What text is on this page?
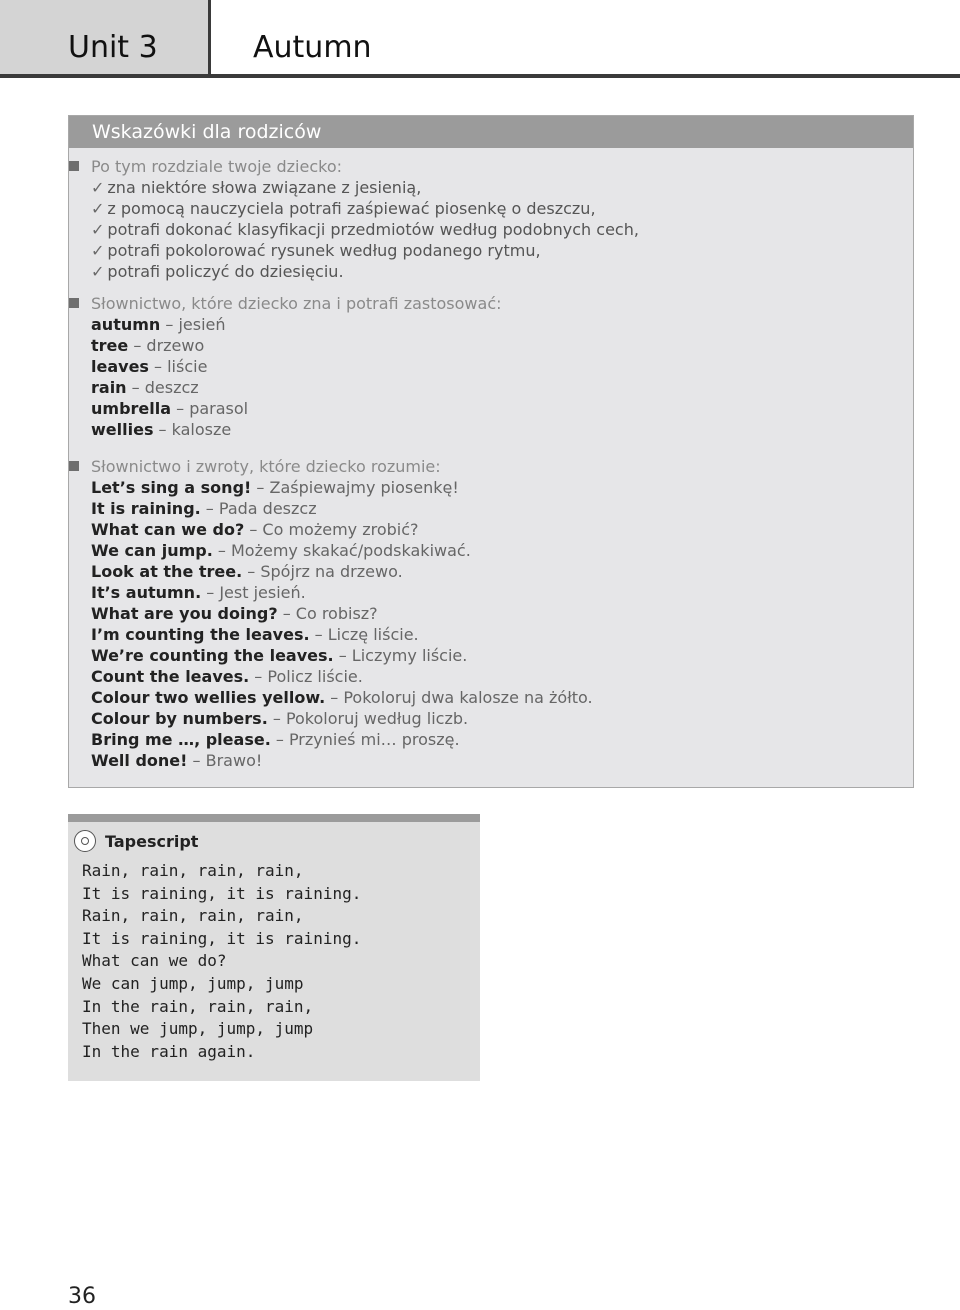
Unit 3	Autumn
Wskazówki dla rodziców
Po tym rozdziale twoje dziecko:
✓ zna niektóre słowa związane z jesienią,
✓ z pomocą nauczyciela potrafi zaśpiewać piosenkę o deszczu,
✓ potrafi dokonać klasyfikacji przedmiotów według podobnych cech,
✓ potrafi pokolorować rysunek według podanego rytmu,
✓ potrafi policzyć do dziesięciu.
Słownictwo, które dziecko zna i potrafi zastosować:
autumn – jesień
tree – drzewo
leaves – liście
rain – deszcz
umbrella – parasol
wellies – kalosze
Słownictwo i zwroty, które dziecko rozumie:
Let’s sing a song! – Zaśpiewajmy piosenkę!
It is raining. – Pada deszcz
What can we do? – Co możemy zrobić?
We can jump. – Możemy skakać/podskakiwać.
Look at the tree. – Spójrz na drzewo.
It’s autumn. – Jest jesień.
What are you doing? – Co robisz?
I’m counting the leaves. – Liczę liście.
We’re counting the leaves. – Liczymy liście.
Count the leaves. – Policz liście.
Colour two wellies yellow. – Pokoloruj dwa kalosze na żółto.
Colour by numbers. – Pokoloruj według liczb.
Bring me …, please. – Przynieś mi… proszę.
Well done! – Brawo!
Tapescript
Rain, rain, rain, rain,
It is raining, it is raining.
Rain, rain, rain, rain,
It is raining, it is raining.
What can we do?
We can jump, jump, jump
In the rain, rain, rain,
Then we jump, jump, jump
In the rain again.
36
